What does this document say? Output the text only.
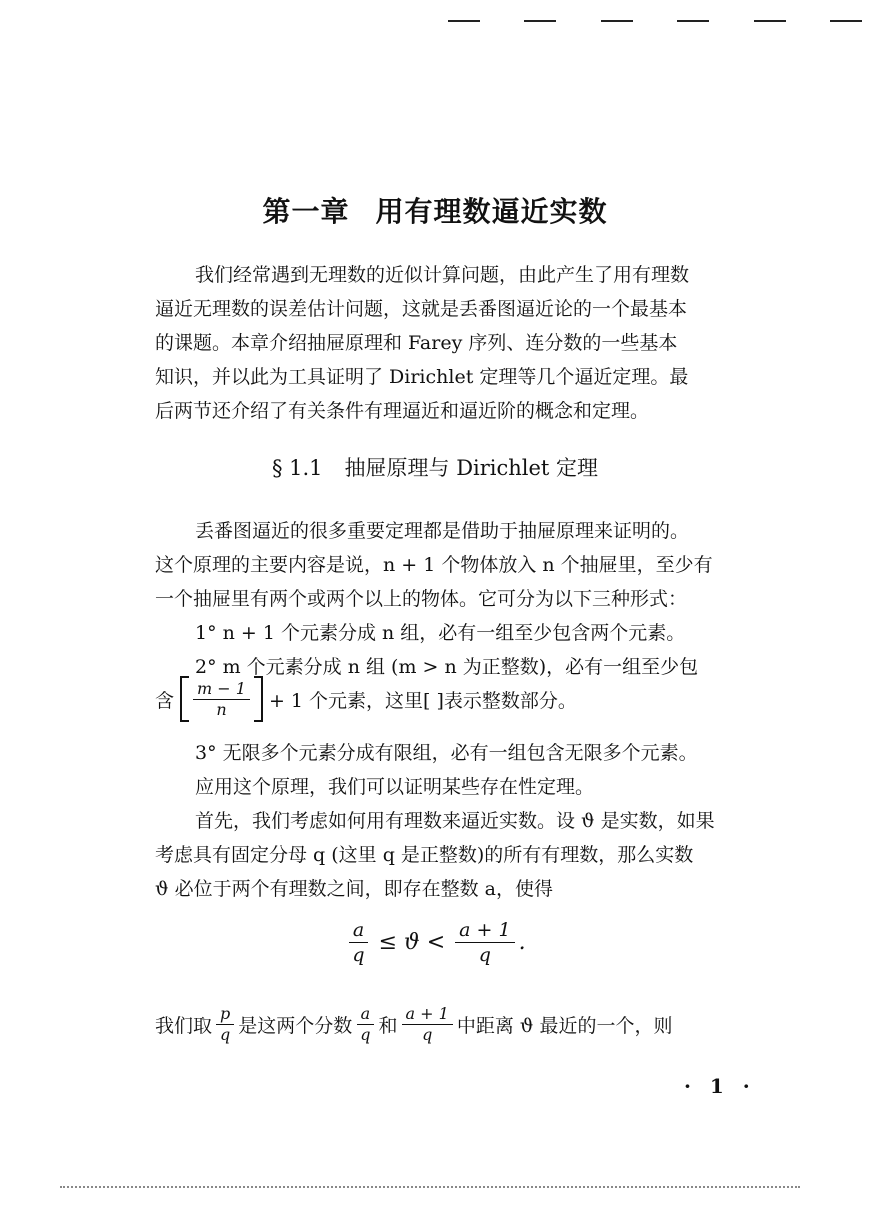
第一章 用有理数逼近实数
我们经常遇到无理数的近似计算问题，由此产生了用有理数
逼近无理数的误差估计问题，这就是丢番图逼近论的一个最基本
的课题。本章介绍抽屉原理和 Farey 序列、连分数的一些基本
知识，并以此为工具证明了 Dirichlet 定理等几个逼近定理。最
后两节还介绍了有关条件有理逼近和逼近阶的概念和定理。
§ 1.1 抽屉原理与 Dirichlet 定理
丢番图逼近的很多重要定理都是借助于抽屉原理来证明的。
这个原理的主要内容是说，n + 1 个物体放入 n 个抽屉里，至少有
一个抽屉里有两个或两个以上的物体。它可分为以下三种形式：
1° n + 1 个元素分成 n 组，必有一组至少包含两个元素。
2° m 个元素分成 n 组 (m > n 为正整数)，必有一组至少包
含 $\frac{m - 1}{n} + 1$ 个元素，这里[ ]表示整数部分。
3° 无限多个元素分成有限组，必有一组包含无限多个元素。
应用这个原理，我们可以证明某些存在性定理。
首先，我们考虑如何用有理数来逼近实数。设 ϑ 是实数，如果
考虑具有固定分母 q (这里 q 是正整数)的所有有理数，那么实数
ϑ 必位于两个有理数之间，即存在整数 a，使得
$\frac{a}{q} \le ϑ < \frac{a + 1}{q}$ .
我们取 $\frac{p}{q}$ 是这两个分数 $\frac{a}{q}$ 和 $\frac{a + 1}{q}$ 中距离 ϑ 最近的一个，则
· 1 ·
